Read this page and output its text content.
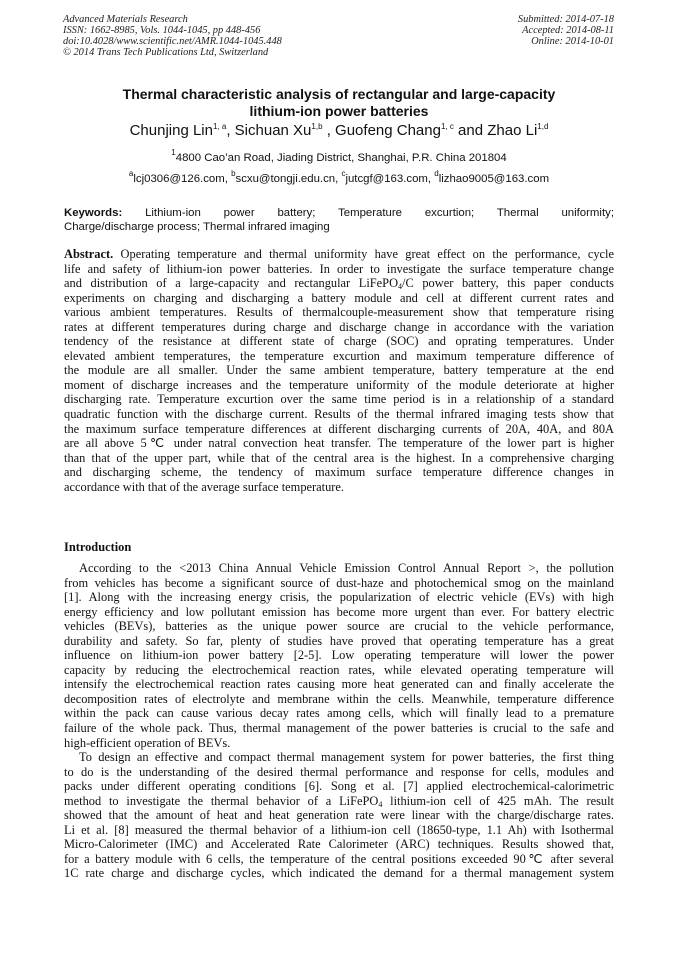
Advanced Materials Research
ISSN: 1662-8985, Vols. 1044-1045, pp 448-456
doi:10.4028/www.scientific.net/AMR.1044-1045.448
© 2014 Trans Tech Publications Ltd, Switzerland
Submitted: 2014-07-18
Accepted: 2014-08-11
Online: 2014-10-01
Thermal characteristic analysis of rectangular and large-capacity
lithium-ion power batteries
Chunjing Lin$^{1, a}$, Sichuan Xu$^{1,b}$ , Guofeng Chang$^{1, c}$ and Zhao Li$^{1,d}$
$^1$4800 Cao’an Road, Jiading District, Shanghai, P.R. China 201804
$^a$lcj0306@126.com, $^b$scxu@tongji.edu.cn, $^c$jutcgf@163.com, $^d$lizhao9005@163.com
Keywords: Lithium-ion power battery; Temperature excurtion; Thermal uniformity;
Charge/discharge process; Thermal infrared imaging
Abstract. Operating temperature and thermal uniformity have great effect on the performance, cycle
life and safety of lithium-ion power batteries. In order to investigate the surface temperature change
and distribution of a large-capacity and rectangular LiFePO$_4$/C power battery, this paper conducts
experiments on charging and discharging a battery module and cell at different current rates and
various ambient temperatures. Results of thermalcouple-measurement show that temperature rising
rates at different temperatures during charge and discharge change in accordance with the variation
tendency of the resistance at different state of charge (SOC) and oprating temperatures. Under
elevated ambient temperatures, the temperature excurtion and maximum temperature difference of
the module are all smaller. Under the same ambient temperature, battery temperature at the end
moment of discharge increases and the temperature uniformity of the module deteriorate at higher
discharging rate. Temperature excurtion over the same time period is in a relationship of a standard
quadratic function with the discharge current. Results of the thermal infrared imaging tests show that
the maximum surface temperature differences at different discharging currents of 20A, 40A, and 80A
are all above 5℃ under natral convection heat transfer. The temperature of the lower part is higher
than that of the upper part, while that of the central area is the highest. In a comprehensive charging
and discharging scheme, the tendency of maximum surface temperature difference changes in
accordance with that of the average surface temperature.
Introduction
According to the <2013 China Annual Vehicle Emission Control Annual Report >, the pollution
from vehicles has become a significant source of dust-haze and photochemical smog on the mainland
[1]. Along with the increasing energy crisis, the popularization of electric vehicle (EVs) with high
energy efficiency and low pollutant emission has become more urgent than ever. For battery electric
vehicles (BEVs), batteries as the unique power source are crucial to the vehicle performance,
durability and safety. So far, plenty of studies have proved that operating temperature has a great
influence on lithium-ion power battery [2-5]. Low operating temperature will lower the power
capacity by reducing the electrochemical reaction rates, while elevated operating temperature will
intensify the electrochemical reaction rates causing more heat generated can and finally accelerate the
decomposition rates of electrolyte and membrane within the cells. Meanwhile, temperature difference
within the pack can cause various decay rates among cells, which will finally lead to a premature
failure of the whole pack. Thus, thermal management of the power batteries is crucial to the safe and
high-efficient operation of BEVs.
To design an effective and compact thermal management system for power batteries, the first thing
to do is the understanding of the desired thermal performance and response for cells, modules and
packs under different operating conditions [6]. Song et al. [7] applied electrochemical-calorimetric
method to investigate the thermal behavior of a LiFePO$_4$ lithium-ion cell of 425 mAh. The result
showed that the amount of heat and heat generation rate were linear with the charge/discharge rates.
Li et al. [8] measured the thermal behavior of a lithium-ion cell (18650-type, 1.1 Ah) with Isothermal
Micro-Calorimeter (IMC) and Accelerated Rate Calorimeter (ARC) techniques. Results showed that,
for a battery module with 6 cells, the temperature of the central positions exceeded 90℃ after several
1C rate charge and discharge cycles, which indicated the demand for a thermal management system
